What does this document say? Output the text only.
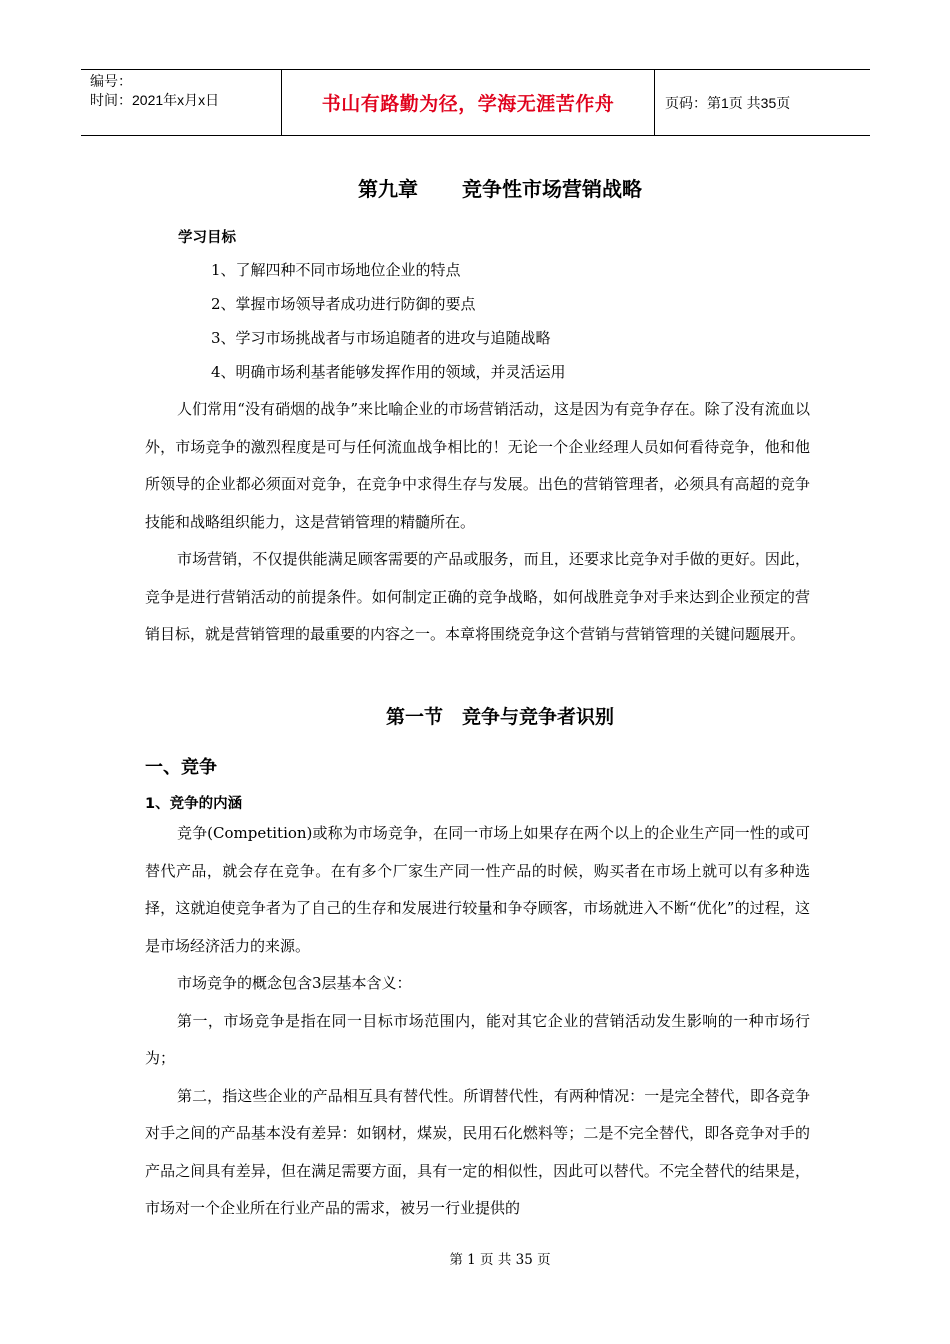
编号：
时间：2021年x月x日	书山有路勤为径，学海无涯苦作舟	页码：第1页 共35页
第九章 竞争性市场营销战略
学习目标
1、了解四种不同市场地位企业的特点
2、掌握市场领导者成功进行防御的要点
3、学习市场挑战者与市场追随者的进攻与追随战略
4、明确市场利基者能够发挥作用的领域，并灵活运用

人们常用“没有硝烟的战争”来比喻企业的市场营销活动，这是因为有竞争存在。除了没有流血以外，市场竞争的激烈程度是可与任何流血战争相比的！无论一个企业经理人员如何看待竞争，他和他所领导的企业都必须面对竞争，在竞争中求得生存与发展。出色的营销管理者，必须具有高超的竞争技能和战略组织能力，这是营销管理的精髓所在。

市场营销，不仅提供能满足顾客需要的产品或服务，而且，还要求比竞争对手做的更好。因此，竞争是进行营销活动的前提条件。如何制定正确的竞争战略，如何战胜竞争对手来达到企业预定的营销目标，就是营销管理的最重要的内容之一。本章将围绕竞争这个营销与营销管理的关键问题展开。

第一节　竞争与竞争者识别
一、竞争
1、竞争的内涵

竞争(Competition)或称为市场竞争，在同一市场上如果存在两个以上的企业生产同一性的或可替代产品，就会存在竞争。在有多个厂家生产同一性产品的时候，购买者在市场上就可以有多种选择，这就迫使竞争者为了自己的生存和发展进行较量和争夺顾客，市场就进入不断“优化”的过程，这是市场经济活力的来源。

市场竞争的概念包含3层基本含义：

第一，市场竞争是指在同一目标市场范围内，能对其它企业的营销活动发生影响的一种市场行为；

第二，指这些企业的产品相互具有替代性。所谓替代性，有两种情况：一是完全替代，即各竞争对手之间的产品基本没有差异：如钢材，煤炭，民用石化燃料等；二是不完全替代，即各竞争对手的产品之间具有差异，但在满足需要方面，具有一定的相似性，因此可以替代。不完全替代的结果是，市场对一个企业所在行业产品的需求，被另一行业提供的

第 1 页 共 35 页
